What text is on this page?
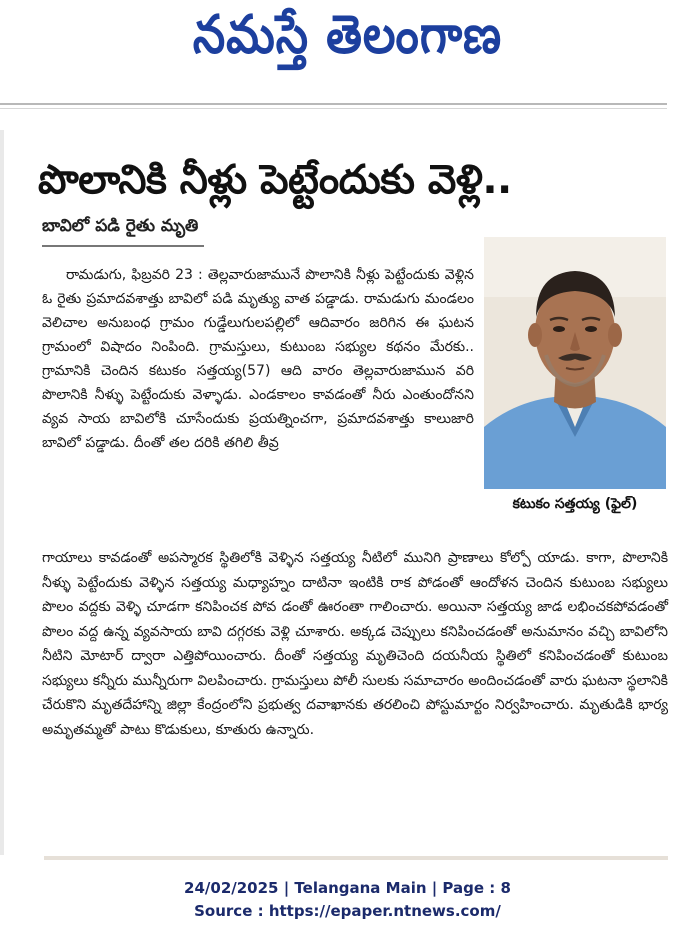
నమస్తే తెలంగాణ
పొలానికి నీళ్లు పెట్టేందుకు వెళ్లి..
బావిలో పడి రైతు మృతి
కటుకం సత్తయ్య (ఫైల్)
రామడుగు, ఫిబ్రవరి 23 : తెల్లవారుజామునే పొలానికి నీళ్లు పెట్టేందుకు వెళ్లిన ఓ రైతు ప్రమాదవశాత్తు బావిలో పడి మృత్యు వాత పడ్డాడు. రామడుగు మండలం వెలిచాల అనుబంధ గ్రామం గుడ్డేలుగులపల్లిలో ఆదివారం జరిగిన ఈ ఘటన గ్రామంలో విషాదం నింపింది. గ్రామస్తులు, కుటుంబ సభ్యుల కథనం మేరకు.. గ్రామానికి చెందిన కటుకం సత్తయ్య(57) ఆది వారం తెల్లవారుజామున వరి పొలానికి నీళ్ళు పెట్టేందుకు వెళ్ళాడు. ఎండకాలం కావడంతో నీరు ఎంతుందోనని వ్యవ సాయ బావిలోకి చూసేందుకు ప్రయత్నించగా, ప్రమాదవశాత్తు కాలుజారి బావిలో పడ్డాడు. దీంతో తల దరికి తగిలి తీవ్ర
గాయాలు కావడంతో అపస్మారక స్థితిలోకి వెళ్ళిన సత్తయ్య నీటిలో మునిగి ప్రాణాలు కోల్పో యాడు. కాగా, పొలానికి నీళ్ళు పెట్టేందుకు వెళ్ళిన సత్తయ్య మధ్యాహ్నం దాటినా ఇంటికి రాక పోడంతో ఆందోళన చెందిన కుటుంబ సభ్యులు పొలం వద్దకు వెళ్ళి చూడగా కనిపించక పోవ డంతో ఊరంతా గాలించారు. అయినా సత్తయ్య జాడ లభించకపోవడంతో పొలం వద్ద ఉన్న వ్యవసాయ బావి దగ్గరకు వెళ్లి చూశారు. అక్కడ చెప్పులు కనిపించడంతో అనుమానం వచ్చి బావిలోని నీటిని మోటార్ ద్వారా ఎత్తిపోయించారు. దీంతో సత్తయ్య మృతిచెంది దయనీయ స్థితిలో కనిపించడంతో కుటుంబ సభ్యులు కన్నీరు మున్నీరుగా విలపించారు. గ్రామస్తులు పోలీ సులకు సమాచారం అందించడంతో వారు ఘటనా స్థలానికి చేరుకొని మృతదేహాన్ని జిల్లా కేంద్రంలోని ప్రభుత్వ దవాఖానకు తరలించి పోస్టుమార్టం నిర్వహించారు. మృతుడికి భార్య అమృతమ్మతో పాటు కొడుకులు, కూతురు ఉన్నారు.
24/02/2025 | Telangana Main | Page : 8
Source : https://epaper.ntnews.com/
